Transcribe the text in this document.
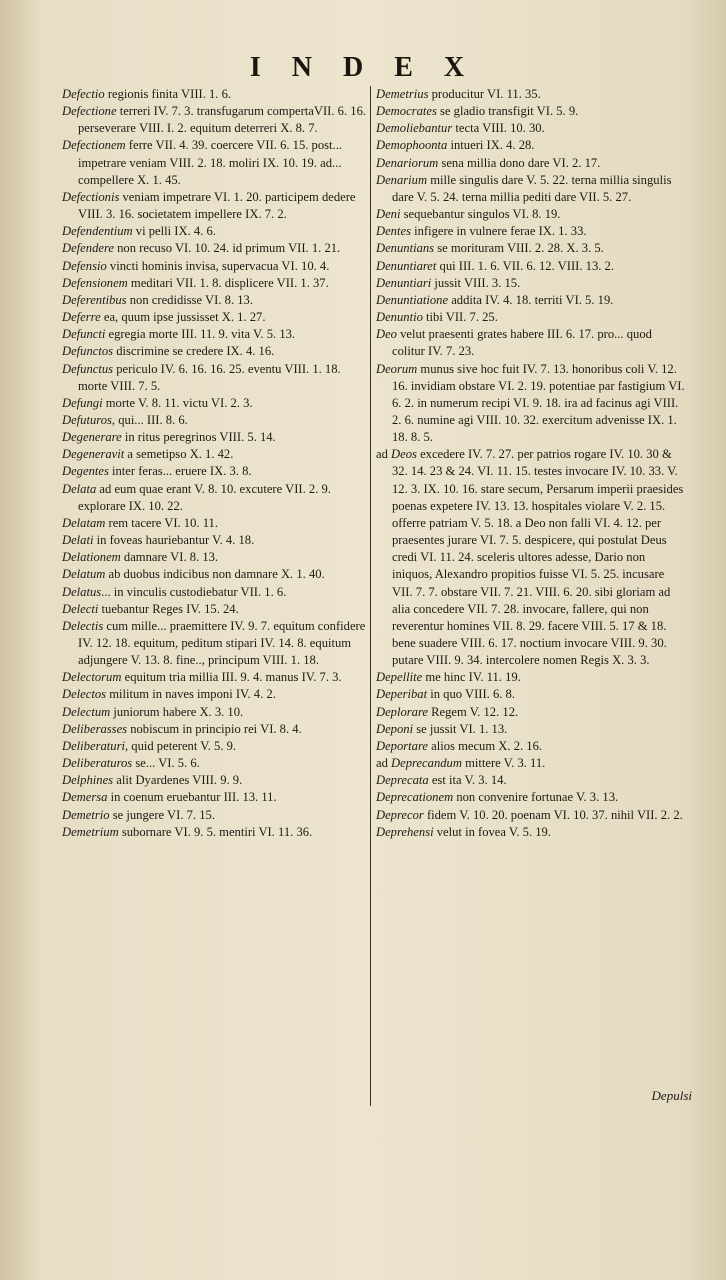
I N D E X

Defectio regionis finita VIII. 1. 6.

Defectione terreri IV. 7. 3. transfugarum compertaVII. 6. 16. perseverare VIII. I. 2. equitum deterreri X. 8. 7.

Defectionem ferre VII. 4. 39. coercere VII. 6. 15. post... impetrare veniam VIII. 2. 18. moliri IX. 10. 19. ad... compellere X. 1. 45.

Defectionis veniam impetrare VI. 1. 20. participem dedere VIII. 3. 16. societatem impellere IX. 7. 2.

Defendentium vi pelli IX. 4. 6.

Defendere non recuso VI. 10. 24. id primum VII. 1. 21.

Defensio vincti hominis invisa, supervacua VI. 10. 4.

Defensionem meditari VII. 1. 8. displicere VII. 1. 37.

Deferentibus non credidisse VI. 8. 13.

Deferre ea, quum ipse jussisset X. 1. 27.

Defuncti egregia morte III. 11. 9. vita V. 5. 13.

Defunctos discrimine se credere IX. 4. 16.

Defunctus periculo IV. 6. 16. 16. 25. eventu VIII. 1. 18. morte VIII. 7. 5.

Defungi morte V. 8. 11. victu VI. 2. 3.

Defuturos, qui... III. 8. 6.

Degenerare in ritus peregrinos VIII. 5. 14.

Degeneravit a semetipso X. 1. 42.

Degentes inter feras... eruere IX. 3. 8.

Delata ad eum quae erant V. 8. 10. excutere VII. 2. 9. explorare IX. 10. 22.

Delatam rem tacere VI. 10. 11.

Delati in foveas hauriebantur V. 4. 18.

Delationem damnare VI. 8. 13.

Delatum ab duobus indicibus non damnare X. 1. 40.

Delatus... in vinculis custodiebatur VII. 1. 6.

Delecti tuebantur Reges IV. 15. 24.

Delectis cum mille... praemittere IV. 9. 7. equitum confidere IV. 12. 18. equitum, peditum stipari IV. 14. 8. equitum adjungere V. 13. 8. fine.., principum VIII. 1. 18.

Delectorum equitum tria millia III. 9. 4. manus IV. 7. 3.

Delectos militum in naves imponi IV. 4. 2.

Delectum juniorum habere X. 3. 10.

Deliberasses nobiscum in principio rei VI. 8. 4.

Deliberaturi, quid peterent V. 5. 9.

Deliberaturos se... VI. 5. 6.

Delphines alit Dyardenes VIII. 9. 9.

Demersa in coenum eruebantur III. 13. 11.

Demetrio se jungere VI. 7. 15.

Demetrium subornare VI. 9. 5. mentiri VI. 11. 36.

Demetrius producitur VI. 11. 35.

Democrates se gladio transfigit VI. 5. 9.

Demoliebantur tecta VIII. 10. 30.

Demophoonta intueri IX. 4. 28.

Denariorum sena millia dono dare VI. 2. 17.

Denarium mille singulis dare V. 5. 22. terna millia singulis dare V. 5. 24. terna millia pediti dare VII. 5. 27.

Deni sequebantur singulos VI. 8. 19.

Dentes infigere in vulnere ferae IX. 1. 33.

Denuntians se morituram VIII. 2. 28. X. 3. 5.

Denuntiaret qui III. 1. 6. VII. 6. 12. VIII. 13. 2.

Denuntiari jussit VIII. 3. 15.

Denuntiatione addita IV. 4. 18. territi VI. 5. 19.

Denuntio tibi VII. 7. 25.

Deo velut praesenti grates habere III. 6. 17. pro... quod colitur IV. 7. 23.

Deorum munus sive hoc fuit IV. 7. 13. honoribus coli V. 12. 16. invidiam obstare VI. 2. 19. potentiae par fastigium VI. 6. 2. in numerum recipi VI. 9. 18. ira ad facinus agi VIII. 2. 6. numine agi VIII. 10. 32. exercitum advenisse IX. 1. 18. 8. 5.

ad Deos excedere IV. 7. 27. per patrios rogare IV. 10. 30 & 32. 14. 23 & 24. VI. 11. 15. testes invocare IV. 10. 33. V. 12. 3. IX. 10. 16. stare secum, Persarum imperii praesides poenas expetere IV. 13. 13. hospitales violare V. 2. 15. offerre patriam V. 5. 18. a Deo non falli VI. 4. 12. per praesentes jurare VI. 7. 5. despicere, qui postulat Deus credi VI. 11. 24. sceleris ultores adesse, Dario non iniquos, Alexandro propitios fuisse VI. 5. 25. incusare VII. 7. 7. obstare VII. 7. 21. VIII. 6. 20. sibi gloriam ad alia concedere VII. 7. 28. invocare, fallere, qui non reverentur homines VII. 8. 29. facere VIII. 5. 17 & 18. bene suadere VIII. 6. 17. noctium invocare VIII. 9. 30. putare VIII. 9. 34. intercolere nomen Regis X. 3. 3.

Depellite me hinc IV. 11. 19.

Deperibat in quo VIII. 6. 8.

Deplorare Regem V. 12. 12.

Deponi se jussit VI. 1. 13.

Deportare alios mecum X. 2. 16.

ad Deprecandum mittere V. 3. 11.

Deprecata est ita V. 3. 14.

Deprecationem non convenire fortunae V. 3. 13.

Deprecor fidem V. 10. 20. poenam VI. 10. 37. nihil VII. 2. 2.

Deprehensi velut in fovea V. 5. 19.

Depulsi
